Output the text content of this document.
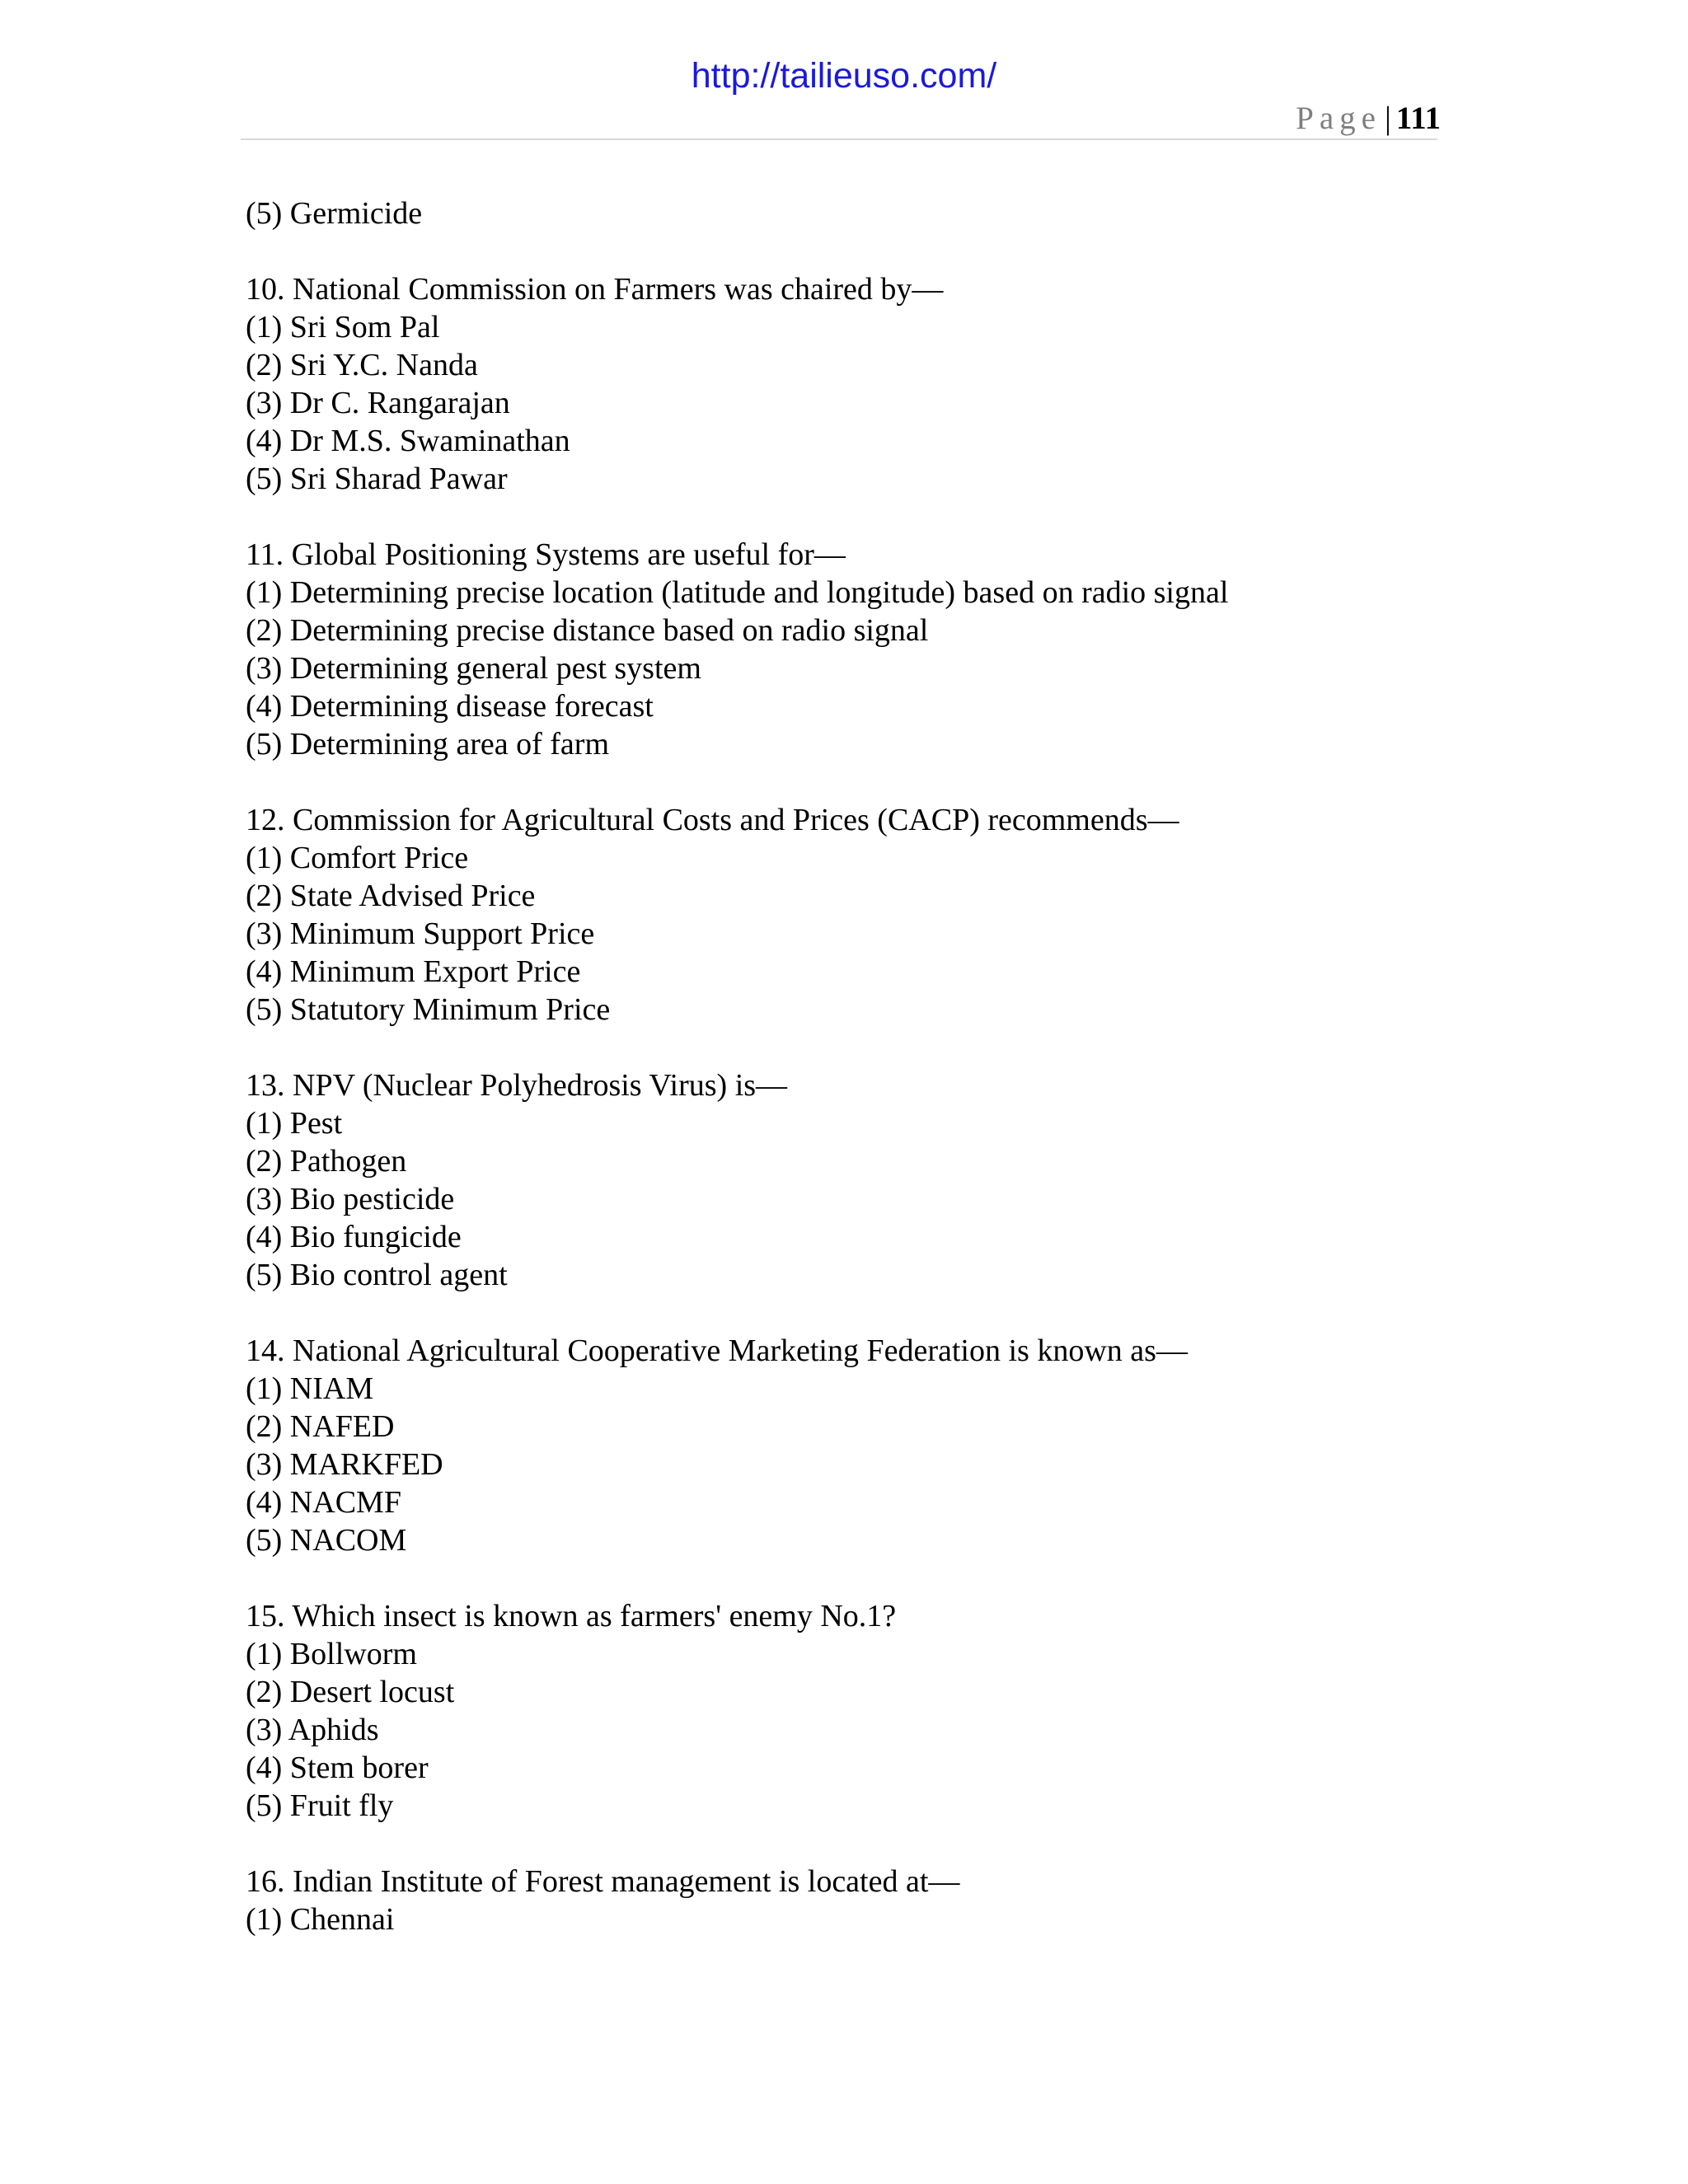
http://tailieuso.com/
Page | 111
(5) Germicide
10. National Commission on Farmers was chaired by—
(1) Sri Som Pal
(2) Sri Y.C. Nanda
(3) Dr C. Rangarajan
(4) Dr M.S. Swaminathan
(5) Sri Sharad Pawar
11. Global Positioning Systems are useful for—
(1) Determining precise location (latitude and longitude) based on radio signal
(2) Determining precise distance based on radio signal
(3) Determining general pest system
(4) Determining disease forecast
(5) Determining area of farm
12. Commission for Agricultural Costs and Prices (CACP) recommends—
(1) Comfort Price
(2) State Advised Price
(3) Minimum Support Price
(4) Minimum Export Price
(5) Statutory Minimum Price
13. NPV (Nuclear Polyhedrosis Virus) is—
(1) Pest
(2) Pathogen
(3) Bio pesticide
(4) Bio fungicide
(5) Bio control agent
14. National Agricultural Cooperative Marketing Federation is known as—
(1) NIAM
(2) NAFED
(3) MARKFED
(4) NACMF
(5) NACOM
15. Which insect is known as farmers' enemy No.1?
(1) Bollworm
(2) Desert locust
(3) Aphids
(4) Stem borer
(5) Fruit fly
16. Indian Institute of Forest management is located at—
(1) Chennai
